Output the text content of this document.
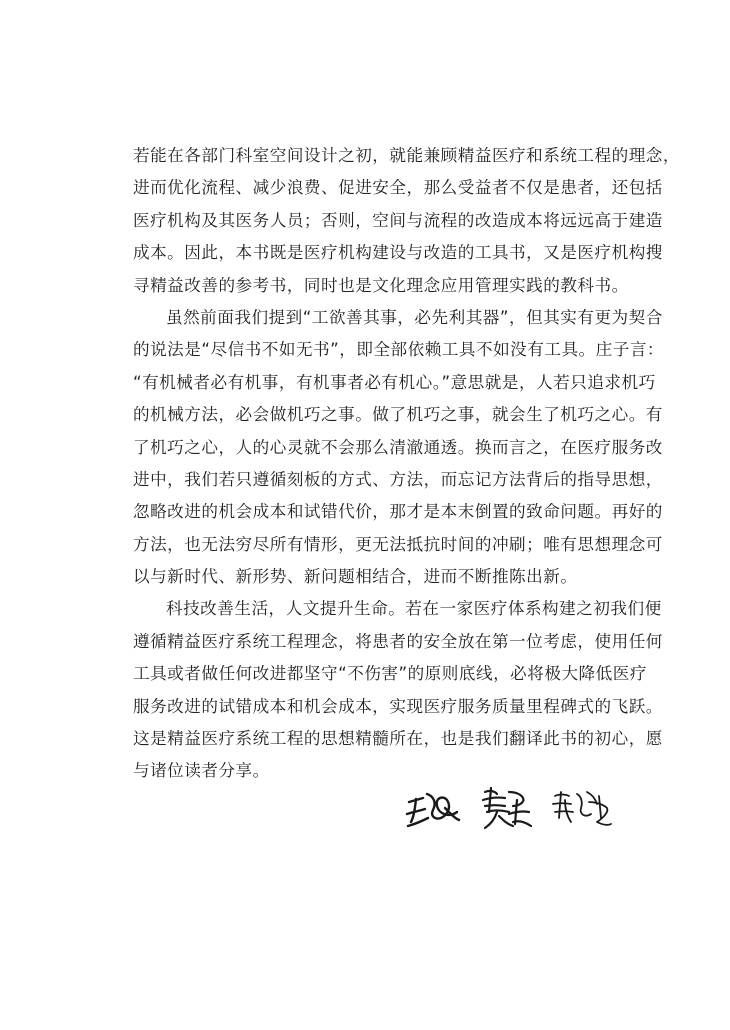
若能在各部门科室空间设计之初，就能兼顾精益医疗和系统工程的理念，
进而优化流程、减少浪费、促进安全，那么受益者不仅是患者，还包括
医疗机构及其医务人员；否则，空间与流程的改造成本将远远高于建造
成本。因此，本书既是医疗机构建设与改造的工具书，又是医疗机构搜
寻精益改善的参考书，同时也是文化理念应用管理实践的教科书。
虽然前面我们提到“工欲善其事，必先利其器”，但其实有更为契合
的说法是“尽信书不如无书”，即全部依赖工具不如没有工具。庄子言：
“有机械者必有机事，有机事者必有机心。”意思就是，人若只追求机巧
的机械方法，必会做机巧之事。做了机巧之事，就会生了机巧之心。有
了机巧之心，人的心灵就不会那么清澈通透。换而言之，在医疗服务改
进中，我们若只遵循刻板的方式、方法，而忘记方法背后的指导思想，
忽略改进的机会成本和试错代价，那才是本末倒置的致命问题。再好的
方法，也无法穷尽所有情形，更无法抵抗时间的冲刷；唯有思想理念可
以与新时代、新形势、新问题相结合，进而不断推陈出新。
科技改善生活，人文提升生命。若在一家医疗体系构建之初我们便
遵循精益医疗系统工程理念，将患者的安全放在第一位考虑，使用任何
工具或者做任何改进都坚守“不伤害”的原则底线，必将极大降低医疗
服务改进的试错成本和机会成本，实现医疗服务质量里程碑式的飞跃。
这是精益医疗系统工程的思想精髓所在，也是我们翻译此书的初心，愿
与诸位读者分享。
